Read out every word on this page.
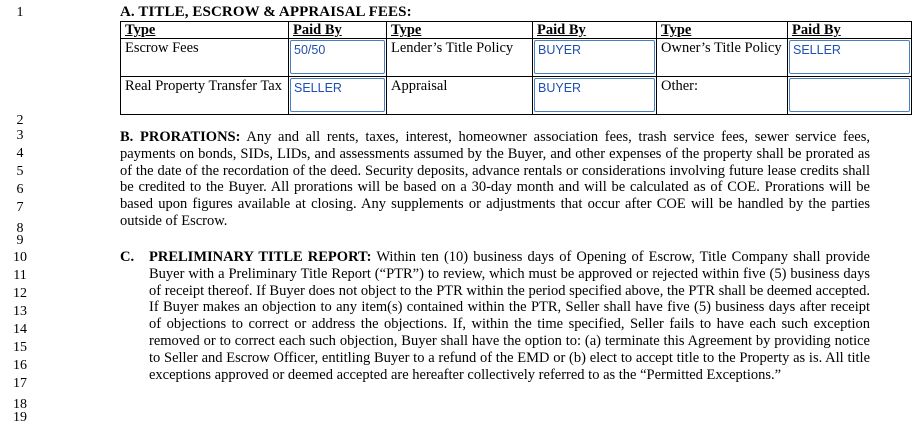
1
2
3
4
5
6
7
8
9
10
11
12
13
14
15
16
17
18
19
A. TITLE, ESCROW & APPRAISAL FEES:
Type	Paid By	Type	Paid By	Type	Paid By
Escrow Fees	50/50	Lender’s Title Policy	BUYER	Owner’s Title Policy	SELLER

Real Property Transfer Tax	SELLER	Appraisal	BUYER	Other:	
B. PRORATIONS: Any and all rents, taxes, interest, homeowner association fees, trash service fees, sewer service fees, payments on bonds, SIDs, LIDs, and assessments assumed by the Buyer, and other expenses of the property shall be prorated as of the date of the recordation of the deed. Security deposits, advance rentals or considerations involving future lease credits shall be credited to the Buyer. All prorations will be based on a 30-day month and will be calculated as of COE. Prorations will be based upon figures available at closing. Any supplements or adjustments that occur after COE will be handled by the parties outside of Escrow.
C. PRELIMINARY TITLE REPORT: Within ten (10) business days of Opening of Escrow, Title Company shall provide Buyer with a Preliminary Title Report (“PTR”) to review, which must be approved or rejected within five (5) business days of receipt thereof. If Buyer does not object to the PTR within the period specified above, the PTR shall be deemed accepted. If Buyer makes an objection to any item(s) contained within the PTR, Seller shall have five (5) business days after receipt of objections to correct or address the objections. If, within the time specified, Seller fails to have each such exception removed or to correct each such objection, Buyer shall have the option to: (a) terminate this Agreement by providing notice to Seller and Escrow Officer, entitling Buyer to a refund of the EMD or (b) elect to accept title to the Property as is. All title exceptions approved or deemed accepted are hereafter collectively referred to as the “Permitted Exceptions.”
